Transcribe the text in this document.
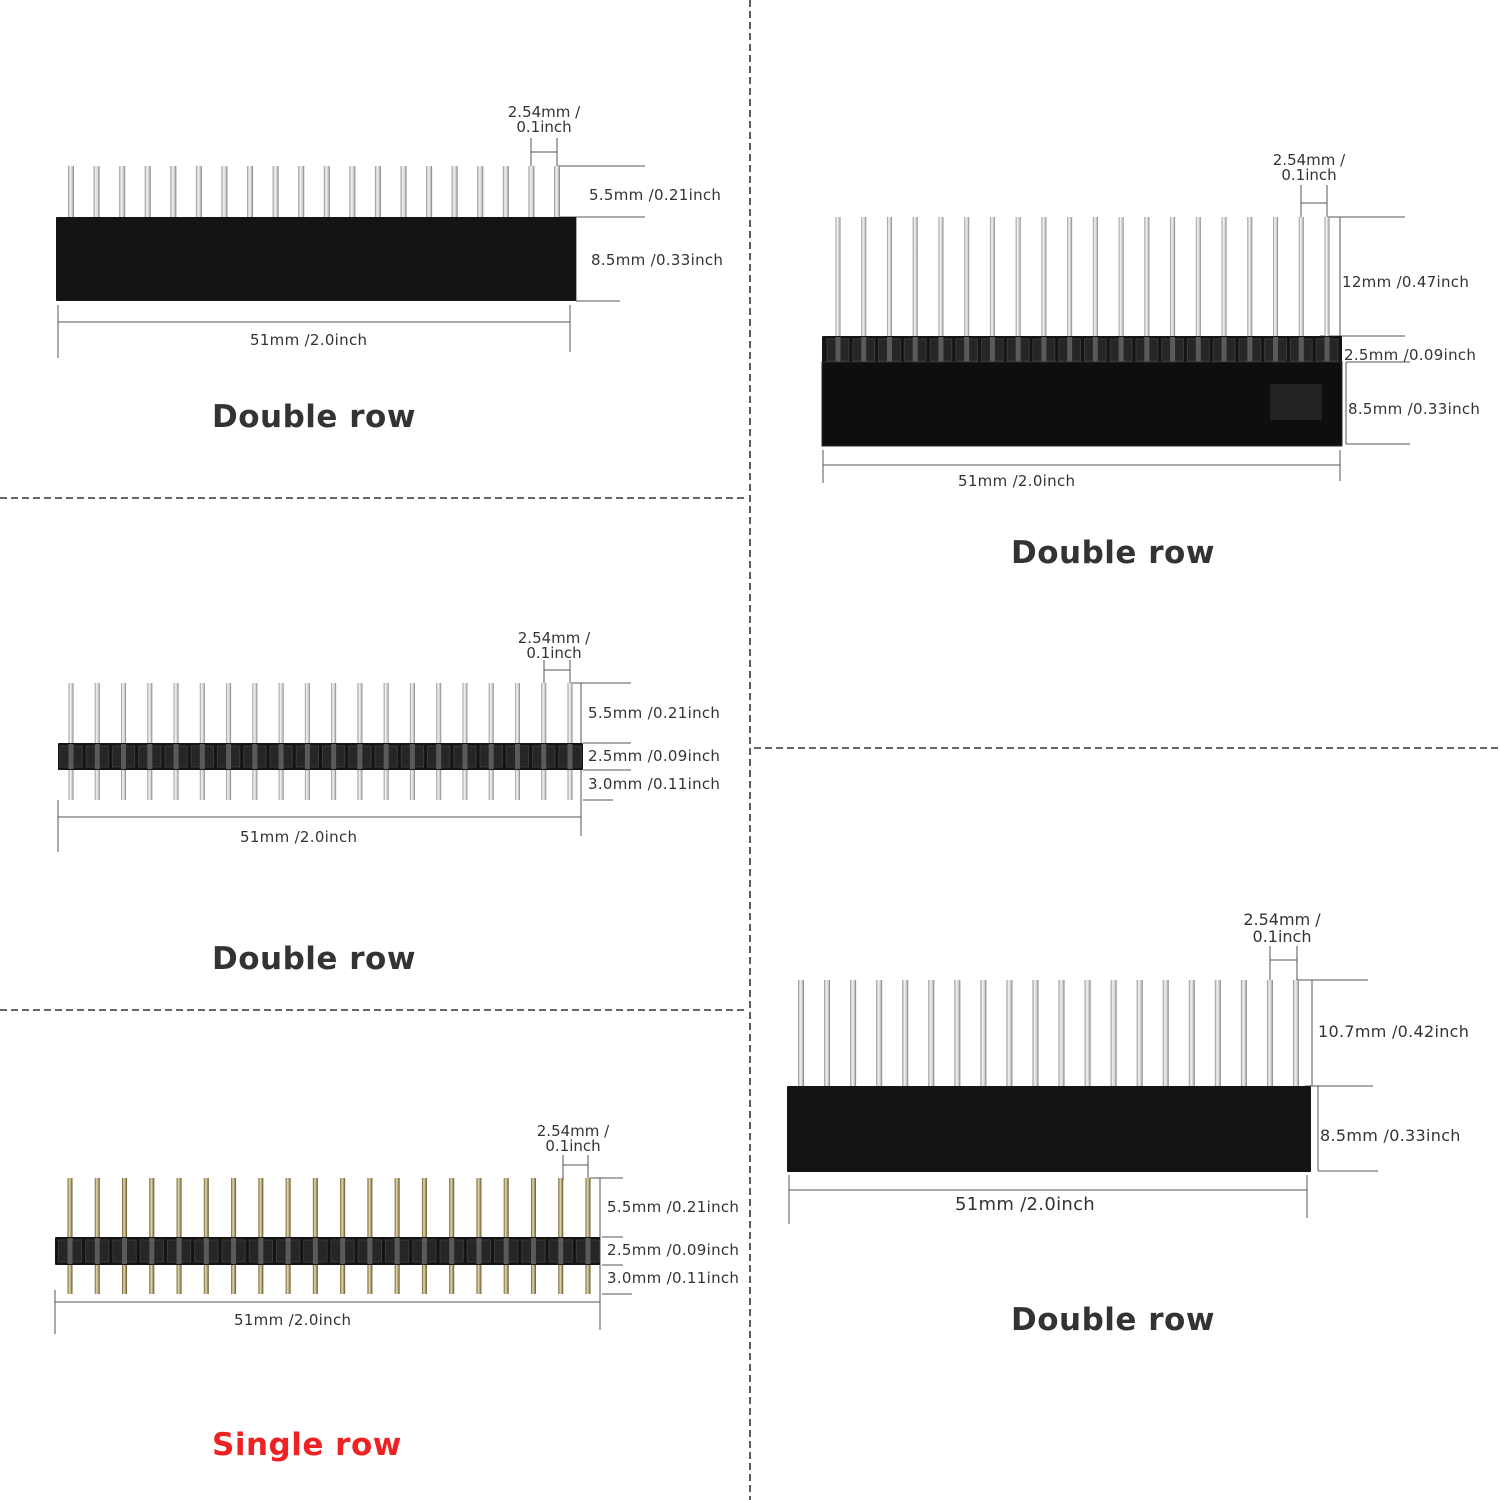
2.54mm /
0.1inch
5.5mm /0.21inch
8.5mm /0.33inch
51mm /2.0inch
Double row
2.54mm /
0.1inch
12mm /0.47inch
2.5mm /0.09inch
8.5mm /0.33inch
51mm /2.0inch
Double row
2.54mm /
0.1inch
5.5mm /0.21inch
2.5mm /0.09inch
3.0mm /0.11inch
51mm /2.0inch
Double row
2.54mm /
0.1inch
5.5mm /0.21inch
2.5mm /0.09inch
3.0mm /0.11inch
51mm /2.0inch
Single row
2.54mm /
0.1inch
10.7mm /0.42inch
8.5mm /0.33inch
51mm /2.0inch
Double row
